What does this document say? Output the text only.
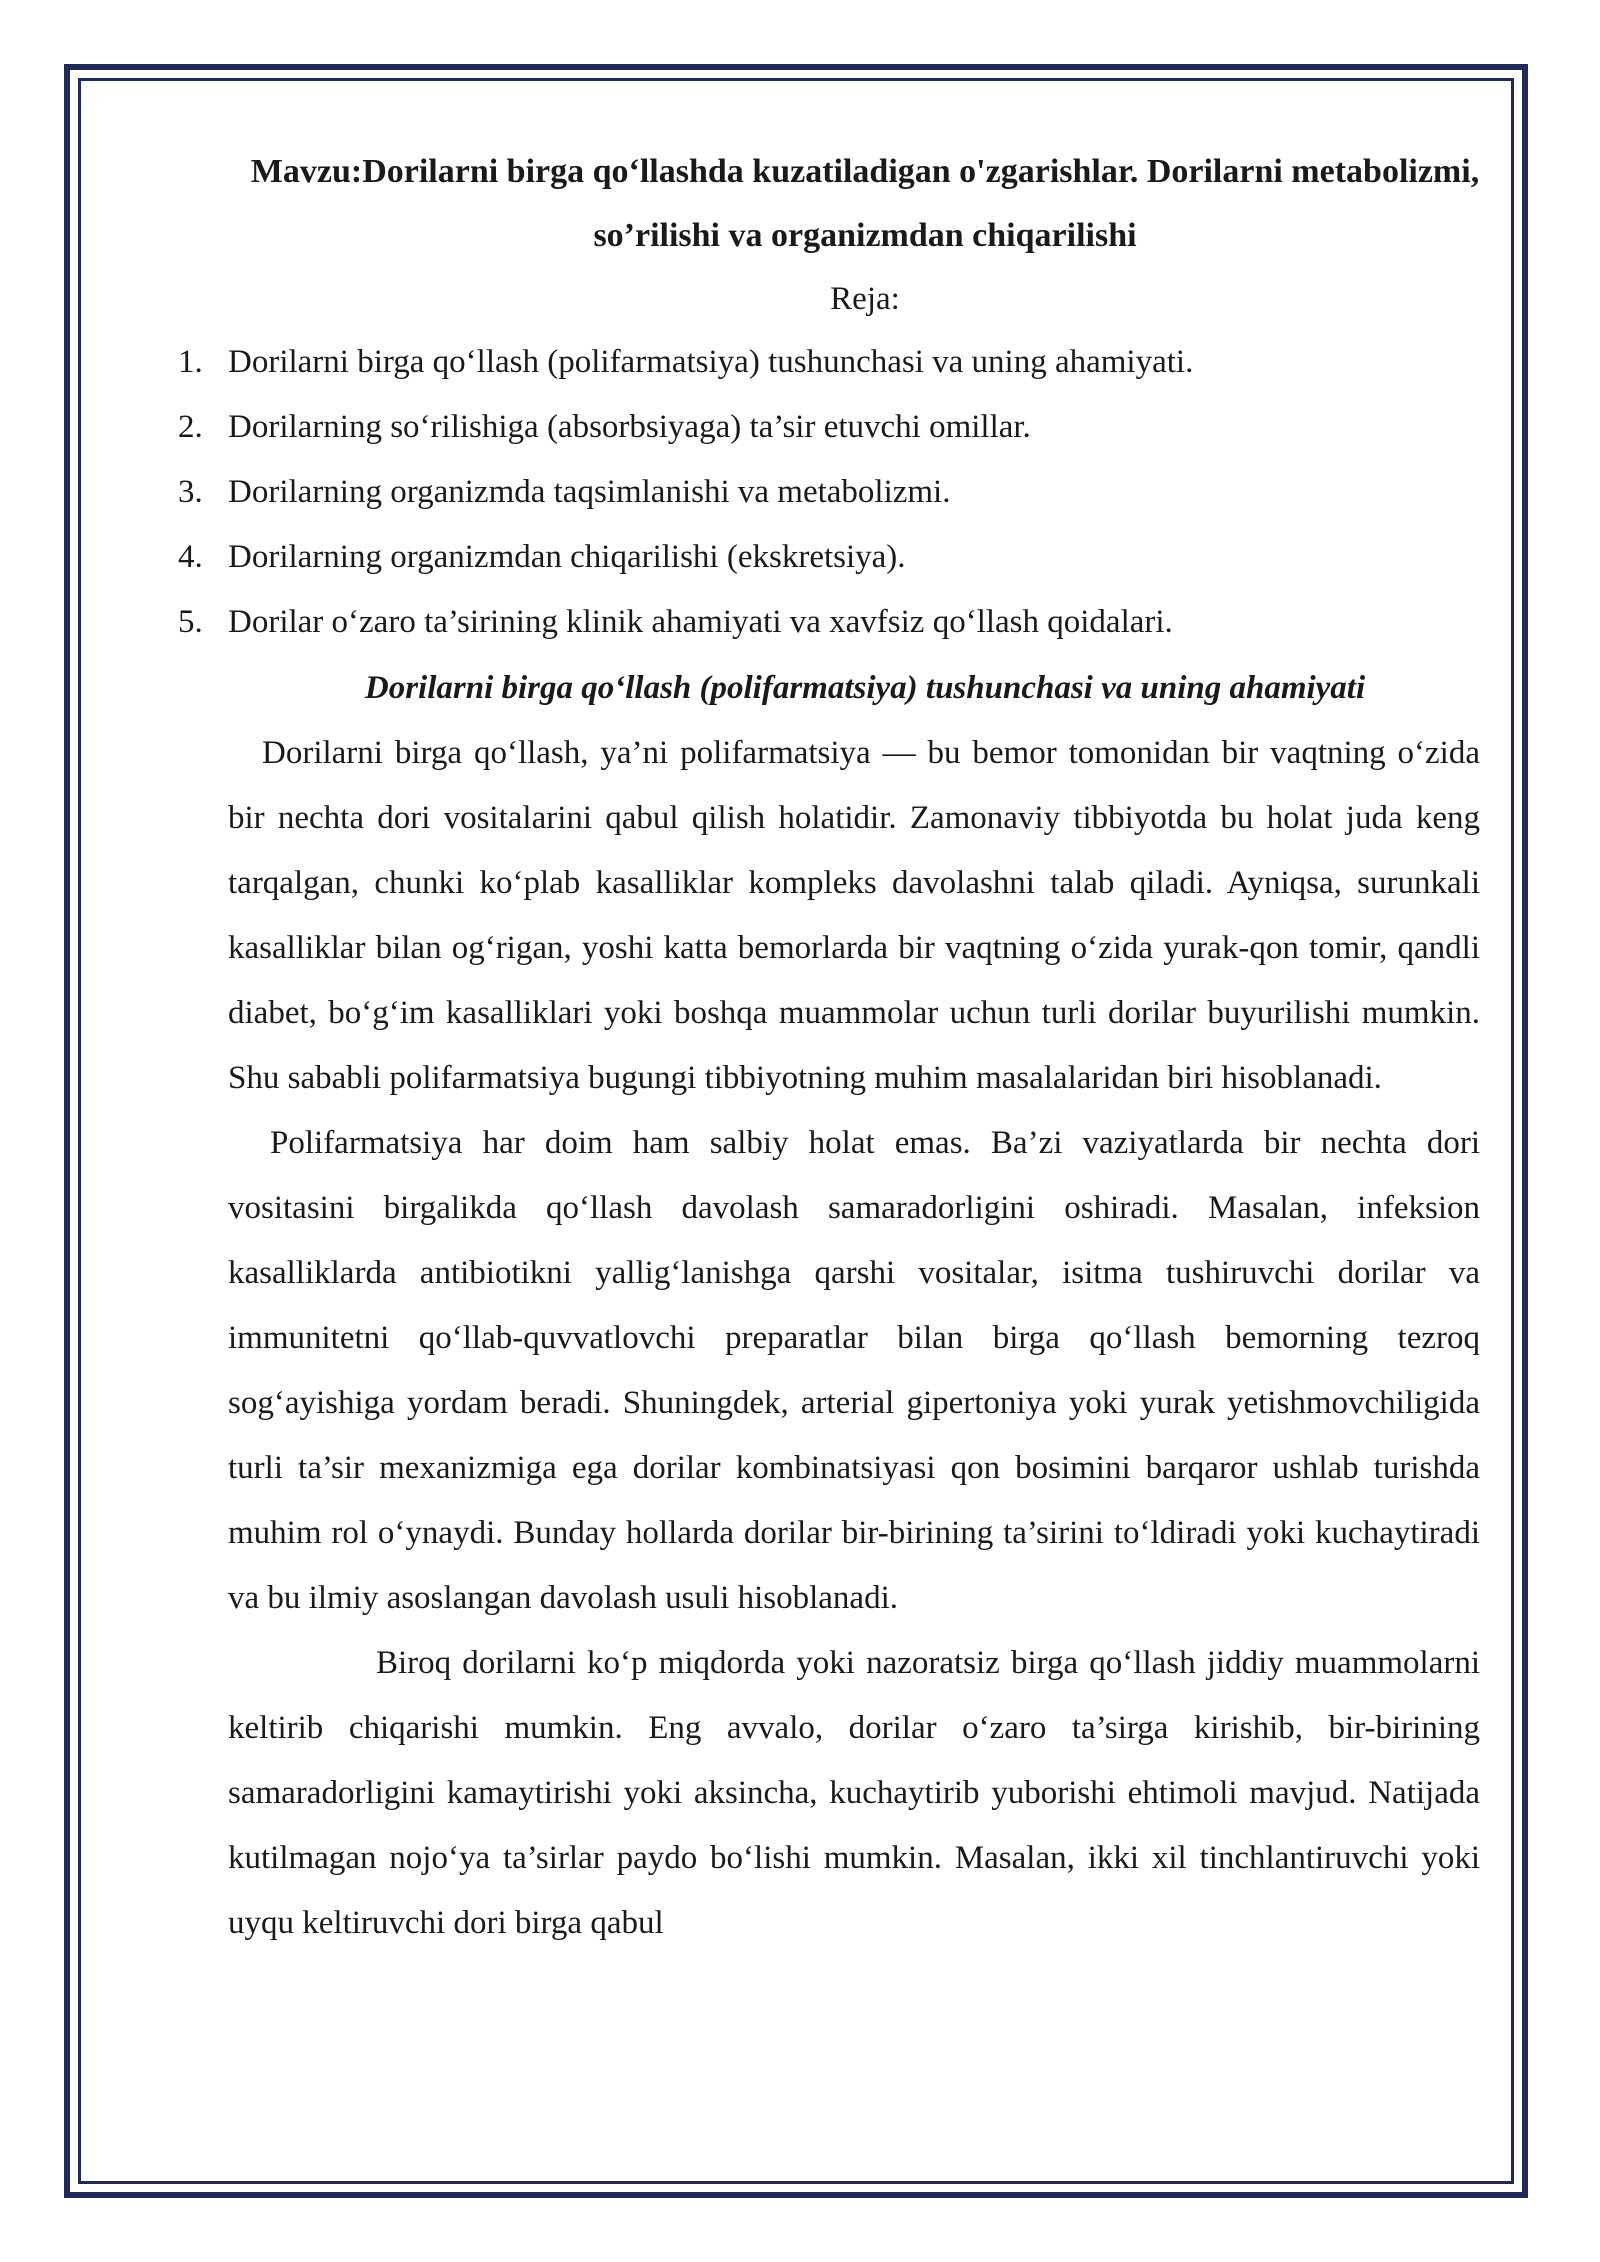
Mavzu:Dorilarni birga qo‘llashda kuzatiladigan o'zgarishlar. Dorilarni metabolizmi, so’rilishi va organizmdan chiqarilishi

Reja:

1. Dorilarni birga qo‘llash (polifarmatsiya) tushunchasi va uning ahamiyati.
2. Dorilarning so‘rilishiga (absorbsiyaga) ta’sir etuvchi omillar.
3. Dorilarning organizmda taqsimlanishi va metabolizmi.
4. Dorilarning organizmdan chiqarilishi (ekskretsiya).
5. Dorilar o‘zaro ta’sirining klinik ahamiyati va xavfsiz qo‘llash qoidalari.

Dorilarni birga qo‘llash (polifarmatsiya) tushunchasi va uning ahamiyati

Dorilarni birga qo‘llash, ya’ni polifarmatsiya — bu bemor tomonidan bir vaqtning o‘zida bir nechta dori vositalarini qabul qilish holatidir. Zamonaviy tibbiyotda bu holat juda keng tarqalgan, chunki ko‘plab kasalliklar kompleks davolashni talab qiladi. Ayniqsa, surunkali kasalliklar bilan og‘rigan, yoshi katta bemorlarda bir vaqtning o‘zida yurak-qon tomir, qandli diabet, bo‘g‘im kasalliklari yoki boshqa muammolar uchun turli dorilar buyurilishi mumkin. Shu sababli polifarmatsiya bugungi tibbiyotning muhim masalalaridan biri hisoblanadi.

Polifarmatsiya har doim ham salbiy holat emas. Ba’zi vaziyatlarda bir nechta dori vositasini birgalikda qo‘llash davolash samaradorligini oshiradi. Masalan, infeksion kasalliklarda antibiotikni yallig‘lanishga qarshi vositalar, isitma tushiruvchi dorilar va immunitetni qo‘llab-quvvatlovchi preparatlar bilan birga qo‘llash bemorning tezroq sog‘ayishiga yordam beradi. Shuningdek, arterial gipertoniya yoki yurak yetishmovchiligida turli ta’sir mexanizmiga ega dorilar kombinatsiyasi qon bosimini barqaror ushlab turishda muhim rol o‘ynaydi. Bunday hollarda dorilar bir-birining ta’sirini to‘ldiradi yoki kuchaytiradi va bu ilmiy asoslangan davolash usuli hisoblanadi.

Biroq dorilarni ko‘p miqdorda yoki nazoratsiz birga qo‘llash jiddiy muammolarni keltirib chiqarishi mumkin. Eng avvalo, dorilar o‘zaro ta’sirga kirishib, bir-birining samaradorligini kamaytirishi yoki aksincha, kuchaytirib yuborishi ehtimoli mavjud. Natijada kutilmagan nojo‘ya ta’sirlar paydo bo‘lishi mumkin. Masalan, ikki xil tinchlantiruvchi yoki uyqu keltiruvchi dori birga qabul
